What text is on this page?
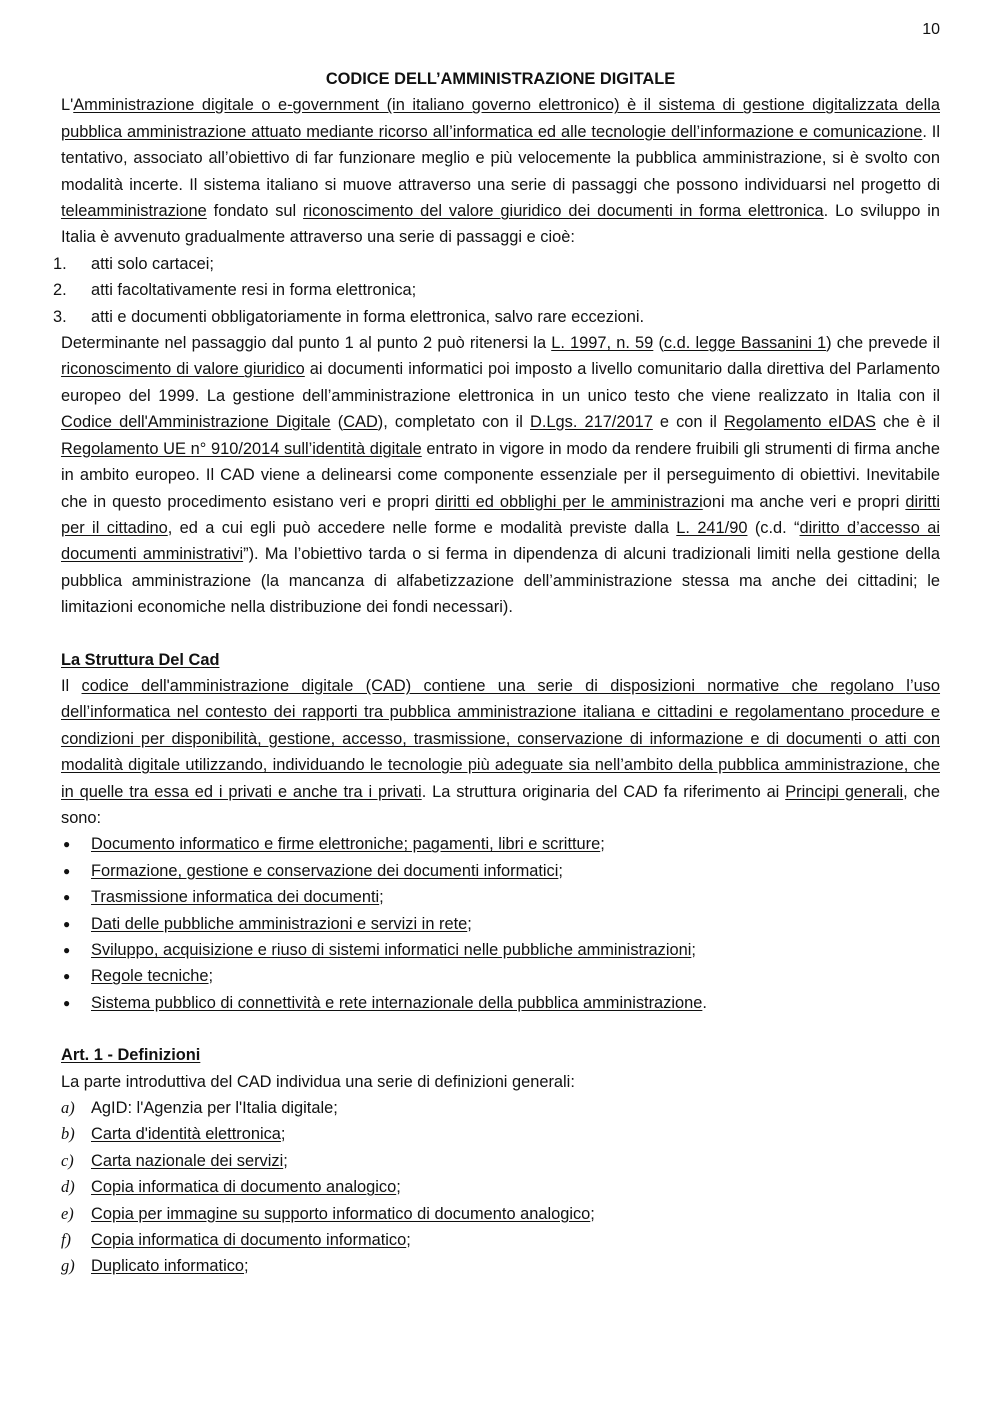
10

CODICE DELL’AMMINISTRAZIONE DIGITALE

L'Amministrazione digitale o e-government (in italiano governo elettronico) è il sistema di gestione digitalizzata della pubblica amministrazione attuato mediante ricorso all’informatica ed alle tecnologie dell’informazione e comunicazione. Il tentativo, associato all’obiettivo di far funzionare meglio e più velocemente la pubblica amministrazione, si è svolto con modalità incerte. Il sistema italiano si muove attraverso una serie di passaggi che possono individuarsi nel progetto di teleamministrazione fondato sul riconoscimento del valore giuridico dei documenti in forma elettronica. Lo sviluppo in Italia è avvenuto gradualmente attraverso una serie di passaggi e cioè:

1. atti solo cartacei;
2. atti facoltativamente resi in forma elettronica;
3. atti e documenti obbligatoriamente in forma elettronica, salvo rare eccezioni.

Determinante nel passaggio dal punto 1 al punto 2 può ritenersi la L. 1997, n. 59 (c.d. legge Bassanini 1) che prevede il riconoscimento di valore giuridico ai documenti informatici poi imposto a livello comunitario dalla direttiva del Parlamento europeo del 1999. La gestione dell’amministrazione elettronica in un unico testo che viene realizzato in Italia con il Codice dell'Amministrazione Digitale (CAD), completato con il D.Lgs. 217/2017 e con il Regolamento eIDAS che è il Regolamento UE n° 910/2014 sull’identità digitale entrato in vigore in modo da rendere fruibili gli strumenti di firma anche in ambito europeo. Il CAD viene a delinearsi come componente essenziale per il perseguimento di obiettivi. Inevitabile che in questo procedimento esistano veri e propri diritti ed obblighi per le amministrazioni ma anche veri e propri diritti per il cittadino, ed a cui egli può accedere nelle forme e modalità previste dalla L. 241/90 (c.d. “diritto d’accesso ai documenti amministrativi”). Ma l’obiettivo tarda o si ferma in dipendenza di alcuni tradizionali limiti nella gestione della pubblica amministrazione (la mancanza di alfabetizzazione dell’amministrazione stessa ma anche dei cittadini; le limitazioni economiche nella distribuzione dei fondi necessari).

La Struttura Del Cad

Il codice dell'amministrazione digitale (CAD) contiene una serie di disposizioni normative che regolano l’uso dell’informatica nel contesto dei rapporti tra pubblica amministrazione italiana e cittadini e regolamentano procedure e condizioni per disponibilità, gestione, accesso, trasmissione, conservazione di informazione e di documenti o atti con modalità digitale utilizzando, individuando le tecnologie più adeguate sia nell’ambito della pubblica amministrazione, che in quelle tra essa ed i privati e anche tra i privati. La struttura originaria del CAD fa riferimento ai Principi generali, che sono:

● Documento informatico e firme elettroniche; pagamenti, libri e scritture;
● Formazione, gestione e conservazione dei documenti informatici;
● Trasmissione informatica dei documenti;
● Dati delle pubbliche amministrazioni e servizi in rete;
● Sviluppo, acquisizione e riuso di sistemi informatici nelle pubbliche amministrazioni;
● Regole tecniche;
● Sistema pubblico di connettività e rete internazionale della pubblica amministrazione.
Art. 1 - Definizioni

La parte introduttiva del CAD individua una serie di definizioni generali:

a) AgID: l'Agenzia per l'Italia digitale;
b) Carta d'identità elettronica;
c) Carta nazionale dei servizi;
d) Copia informatica di documento analogico;
e) Copia per immagine su supporto informatico di documento analogico;
f) Copia informatica di documento informatico;
g) Duplicato informatico;
